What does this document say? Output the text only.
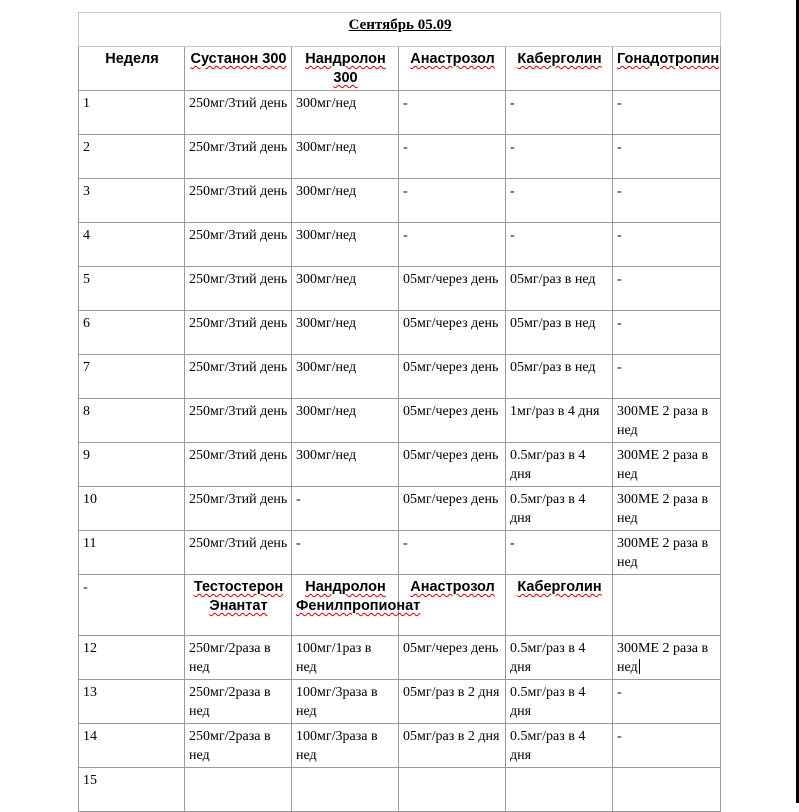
Сентябрь 05.09					
Неделя	Сустанон 300	Нандролон 300	Анастрозол	Каберголин	Гонадотропин
1	250мг/3тий день	300мг/нед	-	-	-
2	250мг/3тий день	300мг/нед	-	-	-
3	250мг/3тий день	300мг/нед	-	-	-
4	250мг/3тий день	300мг/нед	-	-	-
5	250мг/3тий день	300мг/нед	05мг/через день	05мг/раз в нед	-
6	250мг/3тий день	300мг/нед	05мг/через день	05мг/раз в нед	-
7	250мг/3тий день	300мг/нед	05мг/через день	05мг/раз в нед	-
8	250мг/3тий день	300мг/нед	05мг/через день	1мг/раз в 4 дня	300МЕ 2 раза в нед
9	250мг/3тий день	300мг/нед	05мг/через день	0.5мг/раз в 4 дня	300МЕ 2 раза в нед
10	250мг/3тий день	-	05мг/через день	0.5мг/раз в 4 дня	300МЕ 2 раза в нед
11	250мг/3тий день	-	-	-	300МЕ 2 раза в нед
-	Тестостерон Энантат	Нандролон Фенилпропионат	Анастрозол	Каберголин	
12	250мг/2раза в нед	100мг/1раз в нед	05мг/через день	0.5мг/раз в 4 дня	300МЕ 2 раза в нед
13	250мг/2раза в нед	100мг/3раза в нед	05мг/раз в 2 дня	0.5мг/раз в 4 дня	-
14	250мг/2раза в нед	100мг/3раза в нед	05мг/раз в 2 дня	0.5мг/раз в 4 дня	-
15					
